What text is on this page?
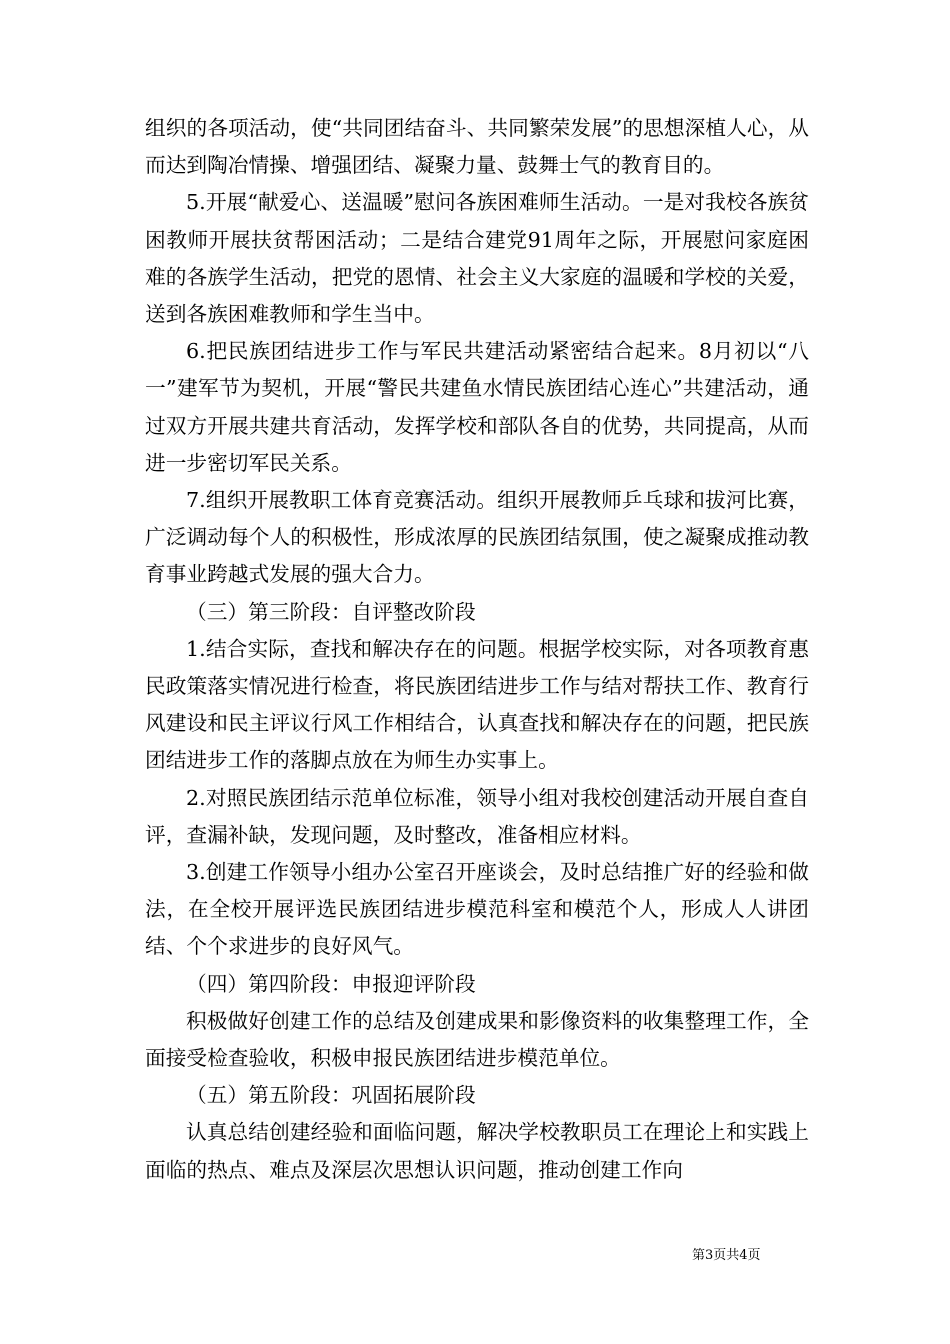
组织的各项活动，使“共同团结奋斗、共同繁荣发展”的思想深植人心，从而达到陶冶情操、增强团结、凝聚力量、鼓舞士气的教育目的。

5.开展“献爱心、送温暖”慰问各族困难师生活动。一是对我校各族贫困教师开展扶贫帮困活动；二是结合建党91周年之际，开展慰问家庭困难的各族学生活动，把党的恩情、社会主义大家庭的温暖和学校的关爱，送到各族困难教师和学生当中。

6.把民族团结进步工作与军民共建活动紧密结合起来。8月初以“八一”建军节为契机，开展“警民共建鱼水情民族团结心连心”共建活动，通过双方开展共建共育活动，发挥学校和部队各自的优势，共同提高，从而进一步密切军民关系。

7.组织开展教职工体育竞赛活动。组织开展教师乒乓球和拔河比赛，广泛调动每个人的积极性，形成浓厚的民族团结氛围，使之凝聚成推动教育事业跨越式发展的强大合力。

（三）第三阶段：自评整改阶段

1.结合实际，查找和解决存在的问题。根据学校实际，对各项教育惠民政策落实情况进行检查，将民族团结进步工作与结对帮扶工作、教育行风建设和民主评议行风工作相结合，认真查找和解决存在的问题，把民族团结进步工作的落脚点放在为师生办实事上。

2.对照民族团结示范单位标准，领导小组对我校创建活动开展自查自评，查漏补缺，发现问题，及时整改，准备相应材料。

3.创建工作领导小组办公室召开座谈会，及时总结推广好的经验和做法，在全校开展评选民族团结进步模范科室和模范个人，形成人人讲团结、个个求进步的良好风气。

（四）第四阶段：申报迎评阶段

积极做好创建工作的总结及创建成果和影像资料的收集整理工作，全面接受检查验收，积极申报民族团结进步模范单位。

（五）第五阶段：巩固拓展阶段

认真总结创建经验和面临问题，解决学校教职员工在理论上和实践上面临的热点、难点及深层次思想认识问题，推动创建工作向

第3页共4页
